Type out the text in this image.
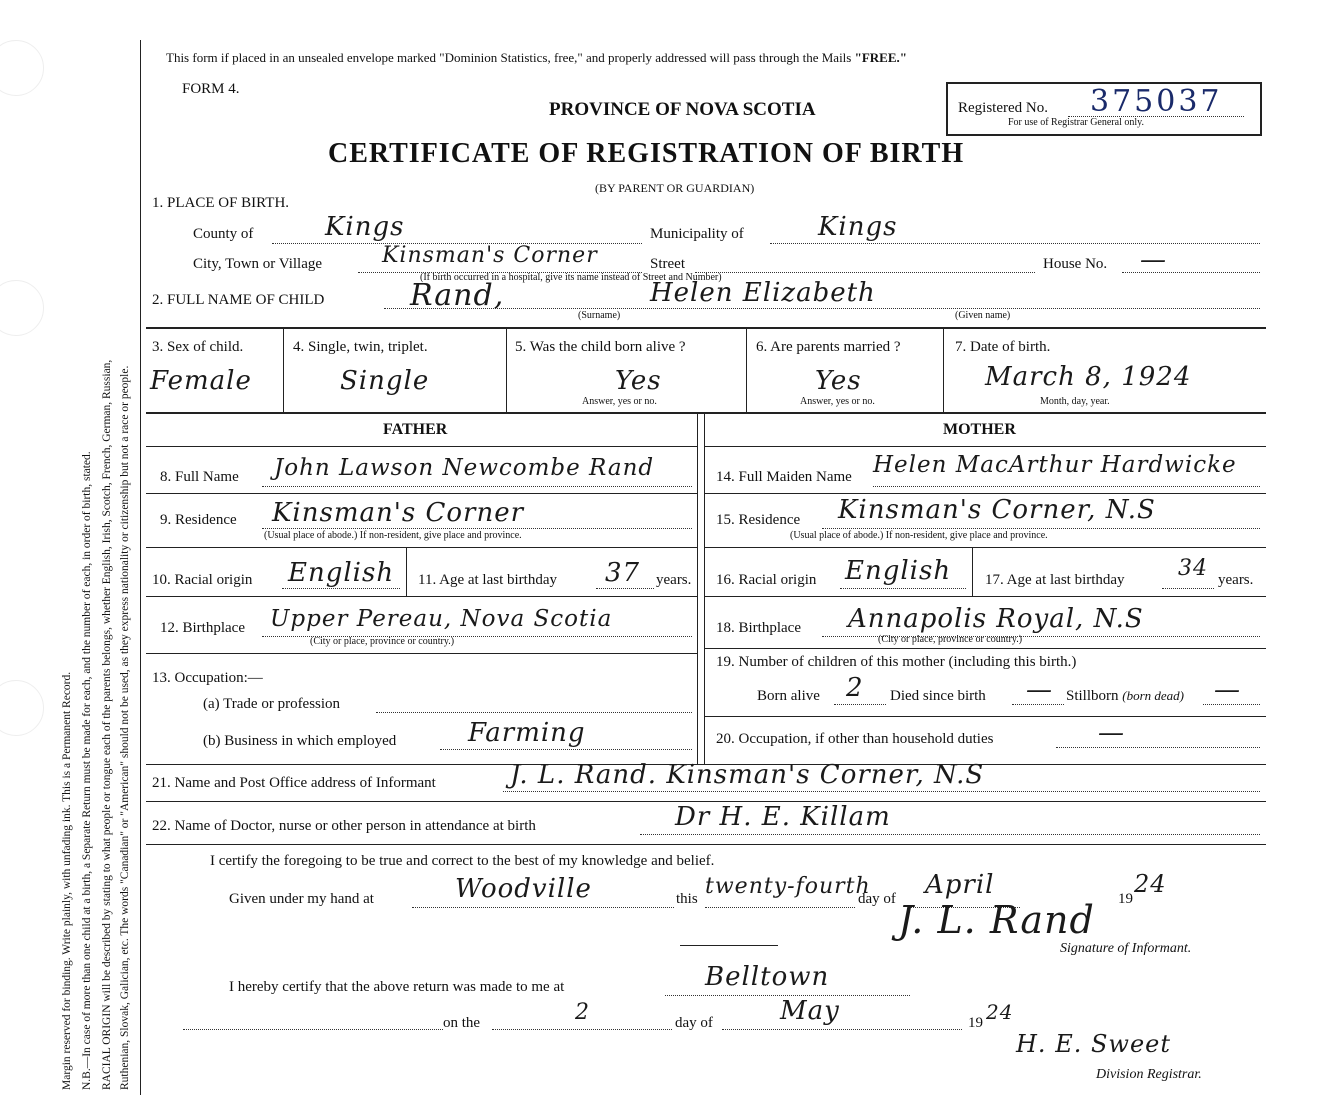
Margin reserved for binding. Write plainly, with unfading ink. This is a Permanent Record. N.B.—In case of more than one child at a birth, a Separate Return must be made for each, and the number of each, in order of birth, stated. RACIAL ORIGIN will be described by stating to what people or tongue each of the parents belongs, whether English, Irish, Scotch, French, German, Russian, Ruthenian, Slovak, Galician, etc. The words "Canadian" or "American" should not be used, as they express nationality or citizenship but not a race or people.
This form if placed in an unsealed envelope marked "Dominion Statistics, free," and properly addressed will pass through the Mails "FREE."
FORM 4.
PROVINCE OF NOVA SCOTIA
CERTIFICATE OF REGISTRATION OF BIRTH
(BY PARENT OR GUARDIAN)
Registered No. 375037
For use of Registrar General only.
1. PLACE OF BIRTH.
County of	Kings	Municipality of	Kings
City, Town or Village	Kinsman's Corner	Street
(If birth occurred in a hospital, give its name instead of Street and Number)
House No. —
2. FULL NAME OF CHILD	Rand,	Helen Elizabeth
(Surname)	(Given name)
3. Sex of child.
Female
4. Single, twin, triplet.
Single
5. Was the child born alive ?
Yes
Answer, yes or no.
6. Are parents married ?
Yes
Answer, yes or no.
7. Date of birth.
March 8, 1924
Month, day, year.
FATHER	MOTHER
8. Full Name John Lawson Newcombe Rand
9. Residence Kinsman's Corner
(Usual place of abode.) If non-resident, give place and province.
10. Racial origin English 11. Age at last birthday 37 years.
12. Birthplace Upper Pereau, Nova Scotia
(City or place, province or country.)
13. Occupation:—
(a) Trade or profession
(b) Business in which employed	Farming
14. Full Maiden Name Helen MacArthur Hardwicke
15. Residence Kinsman's Corner, N.S
(Usual place of abode.) If non-resident, give place and province.
16. Racial origin English 17. Age at last birthday 34 years.
18. Birthplace Annapolis Royal, N.S
(City or place, province or country.)
19. Number of children of this mother (including this birth.)
Born alive 2 Died since birth — Stillborn (born dead) —
20. Occupation, if other than household duties	—
21. Name and Post Office address of Informant	J. L. Rand. Kinsman's Corner, N.S
22. Name of Doctor, nurse or other person in attendance at birth	Dr H. E. Killam
I certify the foregoing to be true and correct to the best of my knowledge and belief.
Given under my hand at	Woodville	this twenty-fourth
day of April	19
24
J. L. Rand
Signature of Informant.
I hereby certify that the above return was made to me at	Belltown
on the	2	day of	May	19 24
H. E. Sweet
Division Registrar.
